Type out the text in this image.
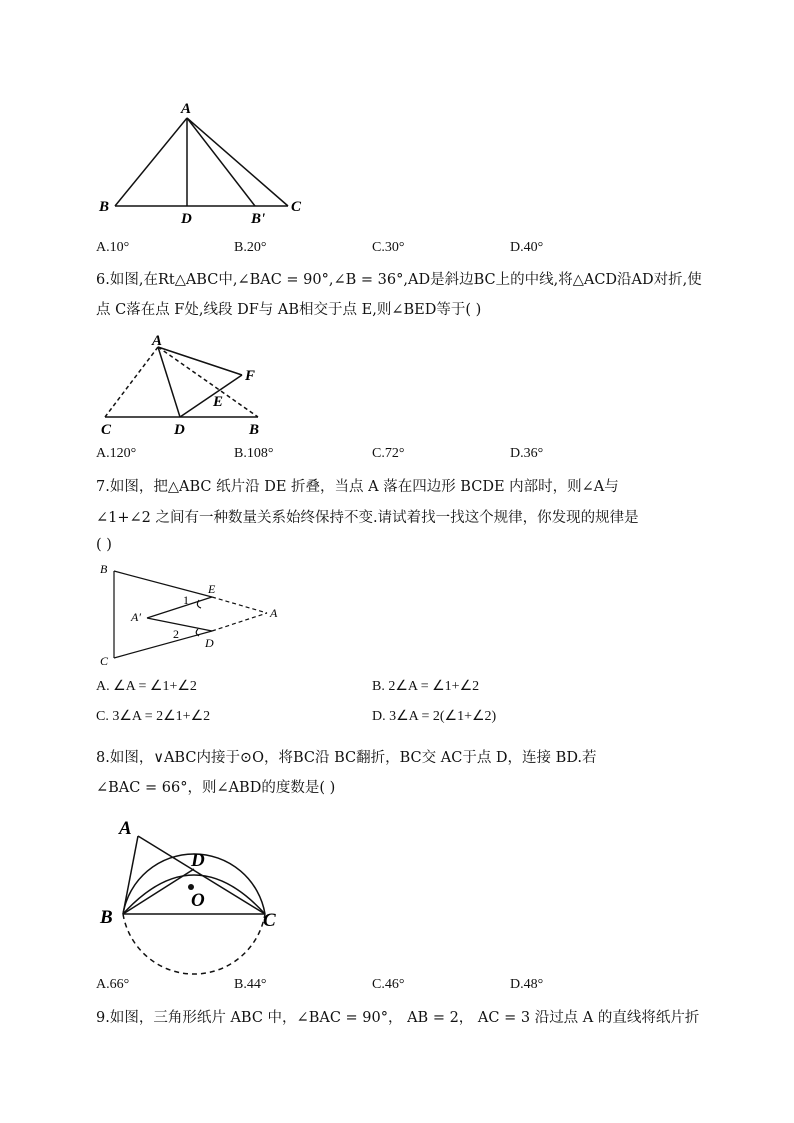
A
B
D	B'
C
A.10°	B.20°	C.30°	D.40°
6.如图,在Rt△ABC中,∠BAC = 90°,∠B = 36°,AD是斜边BC上的中线,将△ACD沿AD对折,使
点 C落在点 F处,线段 DF与 AB相交于点 E,则∠BED等于( )
A
F
E
C	D	B
A.120°	B.108°	C.72°	D.36°
7.如图，把△ABC 纸片沿 DE 折叠，当点 A 落在四边形 BCDE 内部时，则∠A与
∠1+∠2 之间有一种数量关系始终保持不变.请试着找一找这个规律，你发现的规律是
( )
B
E
1
A′	A
2
D
C
A. ∠A = ∠1+∠2	B. 2∠A = ∠1+∠2
C. 3∠A = 2∠1+∠2	D. 3∠A = 2(∠1+∠2)
8.如图，∨ABC内接于⊙O，将BC沿 BC翻折，BC交 AC于点 D，连接 BD.若
∠BAC = 66°，则∠ABD的度数是( )
A
D
O
B	C
A.66°	B.44°	C.46°	D.48°
9.如图，三角形纸片 ABC 中，∠BAC = 90°， AB = 2， AC = 3 沿过点 A 的直线将纸片折
